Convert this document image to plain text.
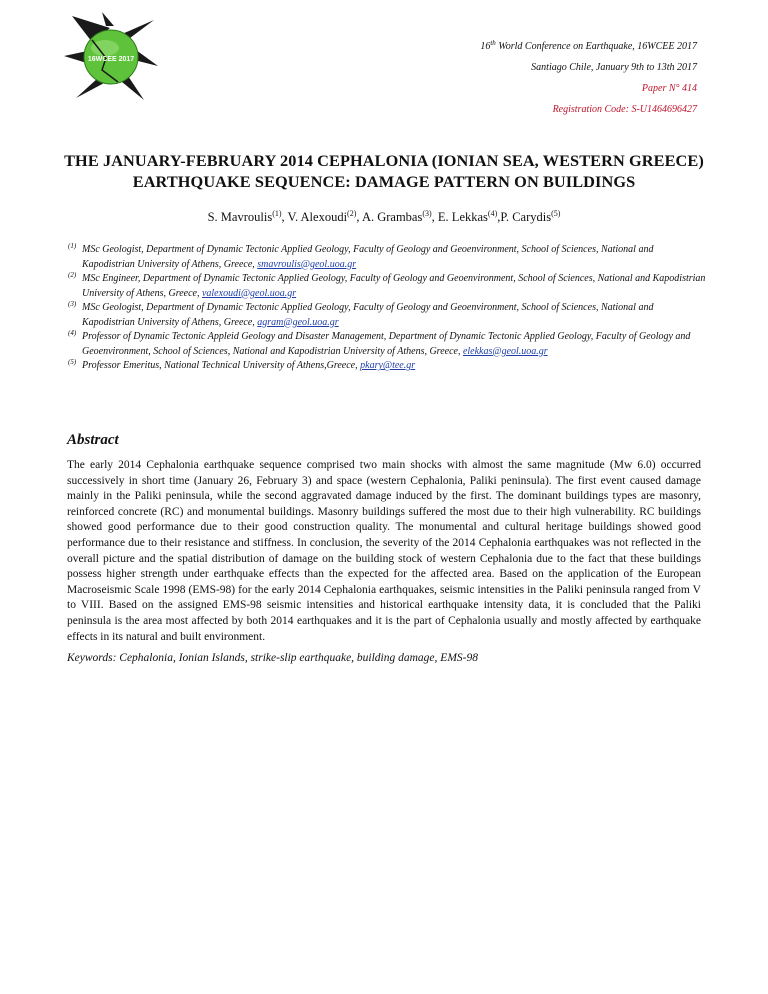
16WCEE 2017
16th World Conference on Earthquake, 16WCEE 2017
Santiago Chile, January 9th to 13th 2017
Paper N° 414
Registration Code: S-U1464696427
THE JANUARY-FEBRUARY 2014 CEPHALONIA (IONIAN SEA, WESTERN GREECE) EARTHQUAKE SEQUENCE: DAMAGE PATTERN ON BUILDINGS
S. Mavroulis$^{(1)}$, V. Alexoudi$^{(2)}$, A. Grambas$^{(3)}$, E. Lekkas$^{(4)}$,P. Carydis$^{(5)}$
(1) MSc Geologist, Department of Dynamic Tectonic Applied Geology, Faculty of Geology and Geoenvironment, School of Sciences, National and Kapodistrian University of Athens, Greece, smavroulis@geol.uoa.gr
(2) MSc Engineer, Department of Dynamic Tectonic Applied Geology, Faculty of Geology and Geoenvironment, School of Sciences, National and Kapodistrian University of Athens, Greece, valexoudi@geol.uoa.gr
(3) MSc Geologist, Department of Dynamic Tectonic Applied Geology, Faculty of Geology and Geoenvironment, School of Sciences, National and Kapodistrian University of Athens, Greece, agram@geol.uoa.gr
(4) Professor of Dynamic Tectonic Appleid Geology and Disaster Management, Department of Dynamic Tectonic Applied Geology, Faculty of Geology and Geoenvironment, School of Sciences, National and Kapodistrian University of Athens, Greece, elekkas@geol.uoa.gr
(5) Professor Emeritus, National Technical University of Athens,Greece, pkary@tee.gr
Abstract
The early 2014 Cephalonia earthquake sequence comprised two main shocks with almost the same magnitude (Mw 6.0) occurred successively in short time (January 26, February 3) and space (western Cephalonia, Paliki peninsula). The first event caused damage mainly in the Paliki peninsula, while the second aggravated damage induced by the first. The dominant buildings types are masonry, reinforced concrete (RC) and monumental buildings. Masonry buildings suffered the most due to their high vulnerability. RC buildings showed good performance due to their good construction quality. The monumental and cultural heritage buildings showed good performance due to their resistance and stiffness. In conclusion, the severity of the 2014 Cephalonia earthquakes was not reflected in the overall picture and the spatial distribution of damage on the building stock of western Cephalonia due to the fact that these buildings possess higher strength under earthquake effects than the expected for the affected area. Based on the application of the European Macroseismic Scale 1998 (EMS-98) for the early 2014 Cephalonia earthquakes, seismic intensities in the Paliki peninsula ranged from V to VIII. Based on the assigned EMS-98 seismic intensities and historical earthquake intensity data, it is concluded that the Paliki peninsula is the area most affected by both 2014 earthquakes and it is the part of Cephalonia usually and mostly affected by earthquake effects in its natural and built environment.
Keywords: Cephalonia, Ionian Islands, strike-slip earthquake, building damage, EMS-98
